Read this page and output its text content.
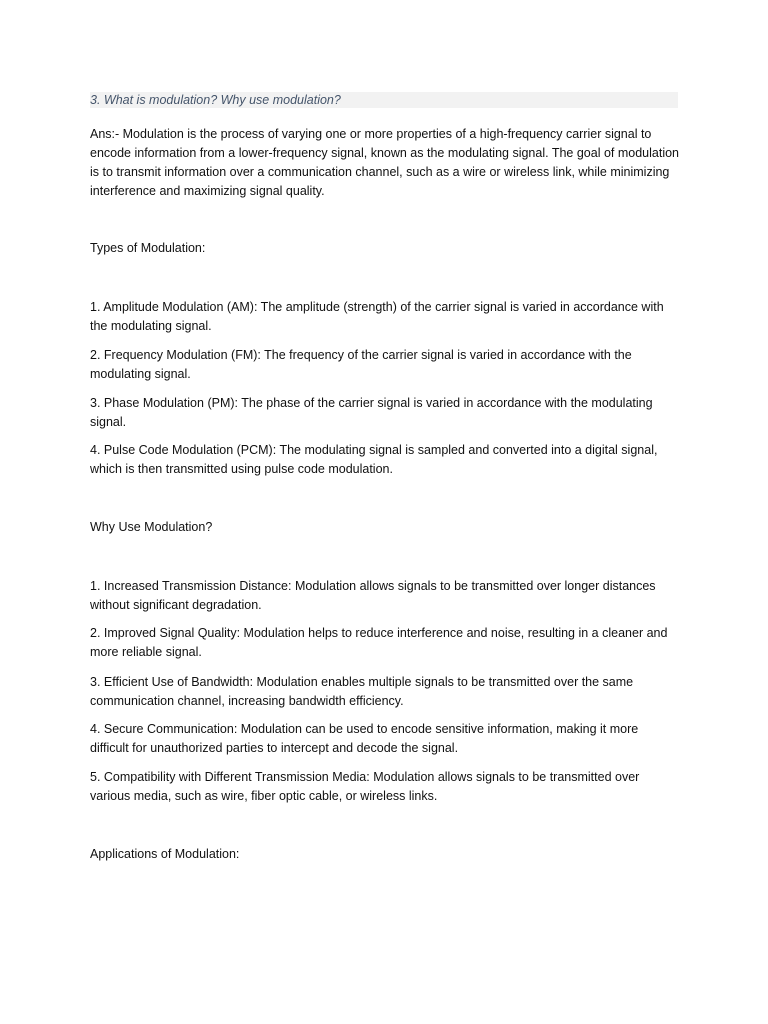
3. What is modulation? Why use modulation?

Ans:- Modulation is the process of varying one or more properties of a high-frequency carrier signal to encode information from a lower-frequency signal, known as the modulating signal. The goal of modulation is to transmit information over a communication channel, such as a wire or wireless link, while minimizing interference and maximizing signal quality.

Types of Modulation:

1. Amplitude Modulation (AM): The amplitude (strength) of the carrier signal is varied in accordance with the modulating signal.

2. Frequency Modulation (FM): The frequency of the carrier signal is varied in accordance with the modulating signal.

3. Phase Modulation (PM): The phase of the carrier signal is varied in accordance with the modulating signal.

4. Pulse Code Modulation (PCM): The modulating signal is sampled and converted into a digital signal, which is then transmitted using pulse code modulation.

Why Use Modulation?

1. Increased Transmission Distance: Modulation allows signals to be transmitted over longer distances without significant degradation.

2. Improved Signal Quality: Modulation helps to reduce interference and noise, resulting in a cleaner and more reliable signal.

3. Efficient Use of Bandwidth: Modulation enables multiple signals to be transmitted over the same communication channel, increasing bandwidth efficiency.

4. Secure Communication: Modulation can be used to encode sensitive information, making it more difficult for unauthorized parties to intercept and decode the signal.

5. Compatibility with Different Transmission Media: Modulation allows signals to be transmitted over various media, such as wire, fiber optic cable, or wireless links.

Applications of Modulation:
